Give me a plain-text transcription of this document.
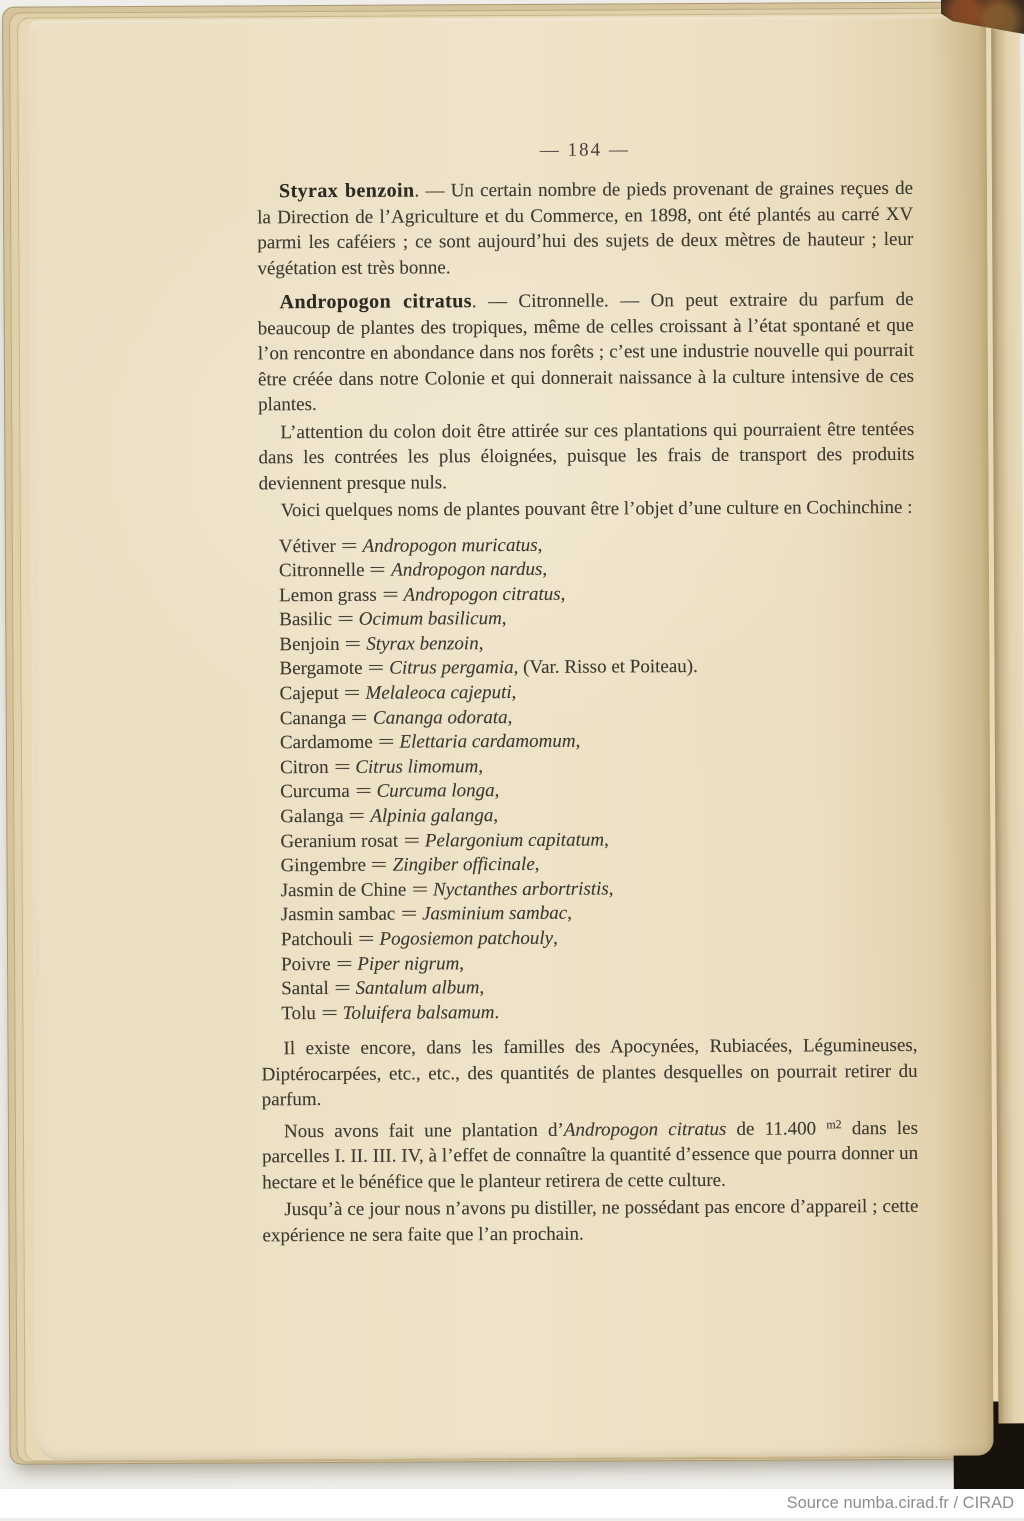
— 184 —

Styrax benzoin. — Un certain nombre de pieds provenant de graines reçues de la Direction de l’Agriculture et du Commerce, en 1898, ont été plantés au carré XV parmi les caféiers ; ce sont aujourd’hui des sujets de deux mètres de hauteur ; leur végétation est très bonne.

Andropogon citratus. — Citronnelle. — On peut extraire du parfum de beaucoup de plantes des tropiques, même de celles croissant à l’état spontané et que l’on rencontre en abondance dans nos forêts ; c’est une industrie nouvelle qui pourrait être créée dans notre Colonie et qui donnerait naissance à la culture intensive de ces plantes.

L’attention du colon doit être attirée sur ces plantations qui pourraient être tentées dans les contrées les plus éloignées, puisque les frais de transport des produits deviennent presque nuls.

Voici quelques noms de plantes pouvant être l’objet d’une culture en Cochinchine :

Vétiver = Andropogon muricatus,
Citronnelle = Andropogon nardus,
Lemon grass = Andropogon citratus,
Basilic = Ocimum basilicum,
Benjoin = Styrax benzoin,
Bergamote = Citrus pergamia, (Var. Risso et Poiteau).
Cajeput = Melaleoca cajeputi,
Cananga = Cananga odorata,
Cardamome = Elettaria cardamomum,
Citron = Citrus limomum,
Curcuma = Curcuma longa,
Galanga = Alpinia galanga,
Geranium rosat = Pelargonium capitatum,
Gingembre = Zingiber officinale,
Jasmin de Chine = Nyctanthes arbortristis,
Jasmin sambac = Jasminium sambac,
Patchouli = Pogosiemon patchouly,
Poivre = Piper nigrum,
Santal = Santalum album,
Tolu = Toluifera balsamum.

Il existe encore, dans les familles des Apocynées, Rubiacées, Légumineuses, Diptérocarpées, etc., etc., des quantités de plantes desquelles on pourrait retirer du parfum.

Nous avons fait une plantation d’Andropogon citratus de 11.400 $^{m2}$ dans les parcelles I. II. III. IV, à l’effet de connaître la quantité d’essence que pourra donner un hectare et le bénéfice que le planteur retirera de cette culture.

Jusqu’à ce jour nous n’avons pu distiller, ne possédant pas encore d’appareil ; cette expérience ne sera faite que l’an prochain.

Source numba.cirad.fr / CIRAD
